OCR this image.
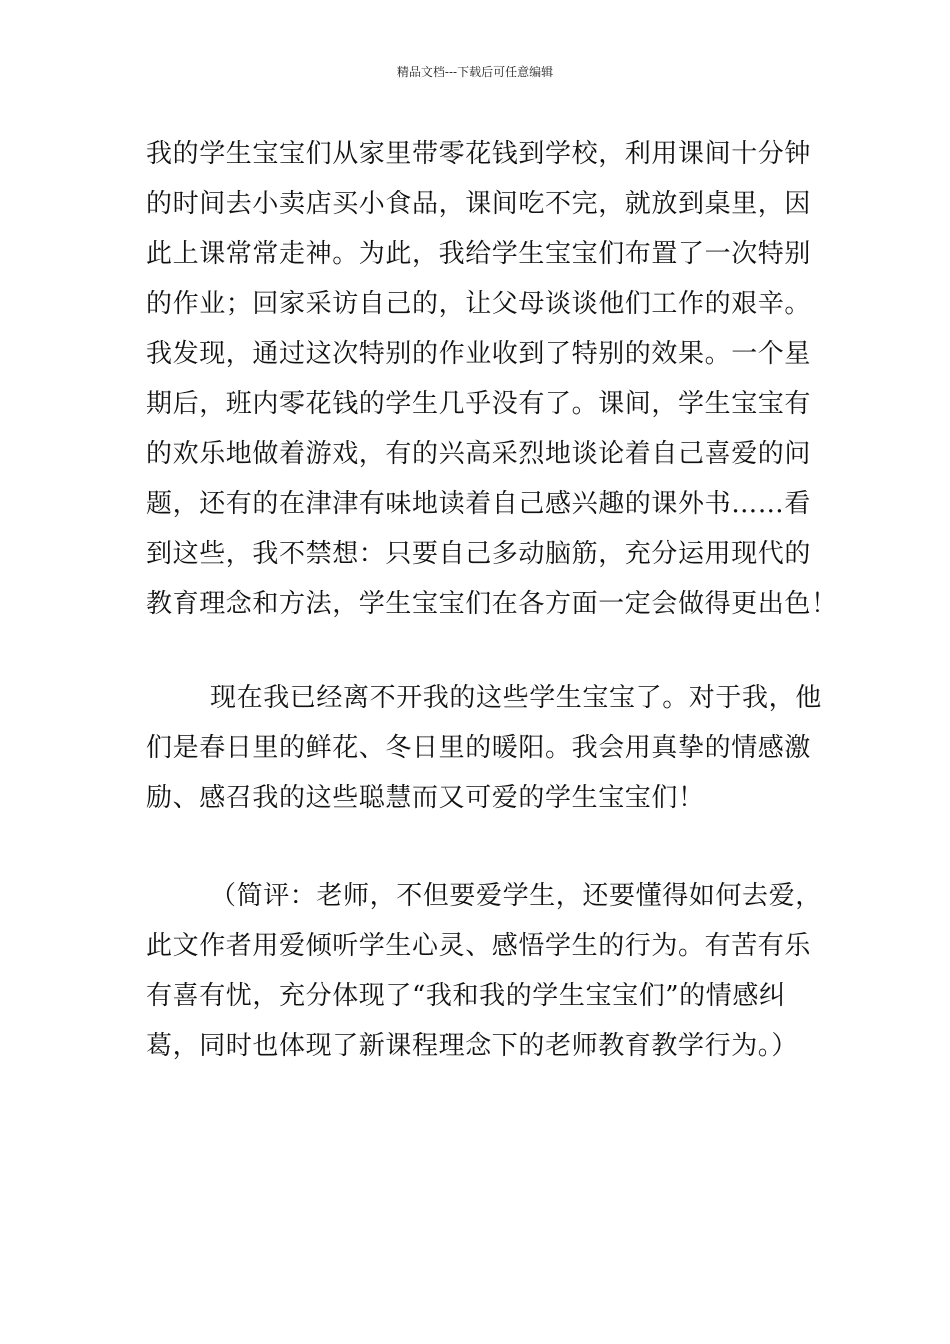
精品文档---下载后可任意编辑
我的学生宝宝们从家里带零花钱到学校，利用课间十分钟
的时间去小卖店买小食品，课间吃不完，就放到桌里，因
此上课常常走神。为此，我给学生宝宝们布置了一次特别
的作业；回家采访自己的，让父母谈谈他们工作的艰辛。
我发现，通过这次特别的作业收到了特别的效果。一个星
期后，班内零花钱的学生几乎没有了。课间，学生宝宝有
的欢乐地做着游戏，有的兴高采烈地谈论着自己喜爱的问
题，还有的在津津有味地读着自己感兴趣的课外书……看
到这些，我不禁想：只要自己多动脑筋，充分运用现代的
教育理念和方法，学生宝宝们在各方面一定会做得更出色！
现在我已经离不开我的这些学生宝宝了。对于我，他
们是春日里的鲜花、冬日里的暖阳。我会用真挚的情感激
励、感召我的这些聪慧而又可爱的学生宝宝们！
（简评：老师，不但要爱学生，还要懂得如何去爱，
此文作者用爱倾听学生心灵、感悟学生的行为。有苦有乐
有喜有忧，充分体现了“我和我的学生宝宝们”的情感纠
葛，同时也体现了新课程理念下的老师教育教学行为。）
